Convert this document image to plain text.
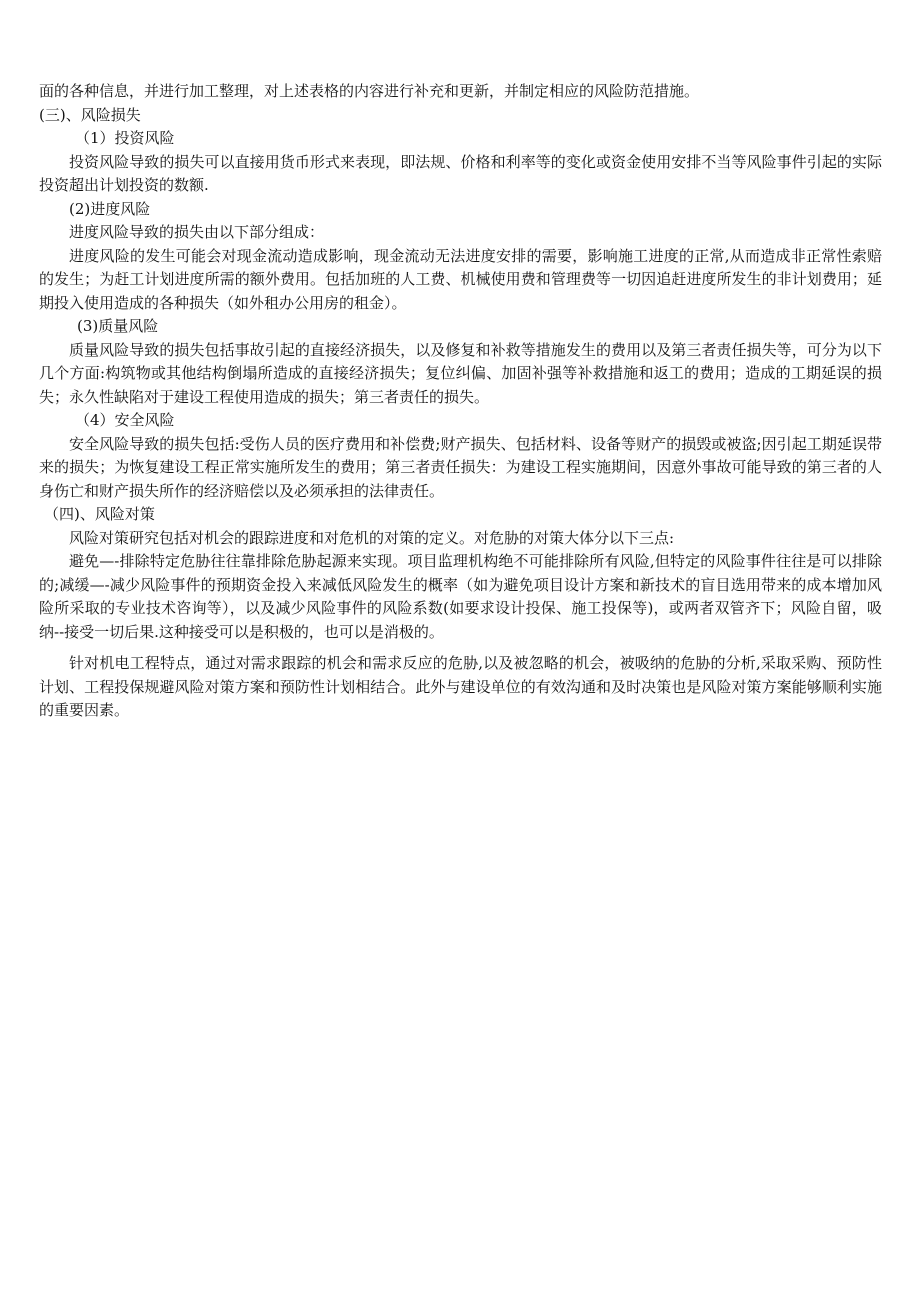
面的各种信息，并进行加工整理，对上述表格的内容进行补充和更新，并制定相应的风险防范措施。

(三)、风险损失

（1）投资风险

投资风险导致的损失可以直接用货币形式来表现，即法规、价格和利率等的变化或资金使用安排不当等风险事件引起的实际投资超出计划投资的数额.

(2)进度风险

进度风险导致的损失由以下部分组成：

进度风险的发生可能会对现金流动造成影响，现金流动无法进度安排的需要，影响施工进度的正常,从而造成非正常性索赔的发生；为赶工计划进度所需的额外费用。包括加班的人工费、机械使用费和管理费等一切因追赶进度所发生的非计划费用；延期投入使用造成的各种损失（如外租办公用房的租金）。

(3)质量风险

质量风险导致的损失包括事故引起的直接经济损失，以及修复和补救等措施发生的费用以及第三者责任损失等，可分为以下几个方面:构筑物或其他结构倒塌所造成的直接经济损失；复位纠偏、加固补强等补救措施和返工的费用；造成的工期延误的损失；永久性缺陷对于建设工程使用造成的损失；第三者责任的损失。

（4）安全风险

安全风险导致的损失包括:受伤人员的医疗费用和补偿费;财产损失、包括材料、设备等财产的损毁或被盗;因引起工期延误带来的损失；为恢复建设工程正常实施所发生的费用；第三者责任损失：为建设工程实施期间，因意外事故可能导致的第三者的人身伤亡和财产损失所作的经济赔偿以及必须承担的法律责任。

（四)、风险对策

风险对策研究包括对机会的跟踪进度和对危机的对策的定义。对危胁的对策大体分以下三点:

避免—-排除特定危胁往往靠排除危胁起源来实现。项目监理机构绝不可能排除所有风险,但特定的风险事件往往是可以排除的;减缓—-减少风险事件的预期资金投入来减低风险发生的概率（如为避免项目设计方案和新技术的盲目选用带来的成本增加风险所采取的专业技术咨询等），以及减少风险事件的风险系数(如要求设计投保、施工投保等)，或两者双管齐下；风险自留，吸纳--接受一切后果.这种接受可以是积极的，也可以是消极的。

针对机电工程特点，通过对需求跟踪的机会和需求反应的危胁,以及被忽略的机会，被吸纳的危胁的分析,采取采购、预防性计划、工程投保规避风险对策方案和预防性计划相结合。此外与建设单位的有效沟通和及时决策也是风险对策方案能够顺利实施的重要因素。
